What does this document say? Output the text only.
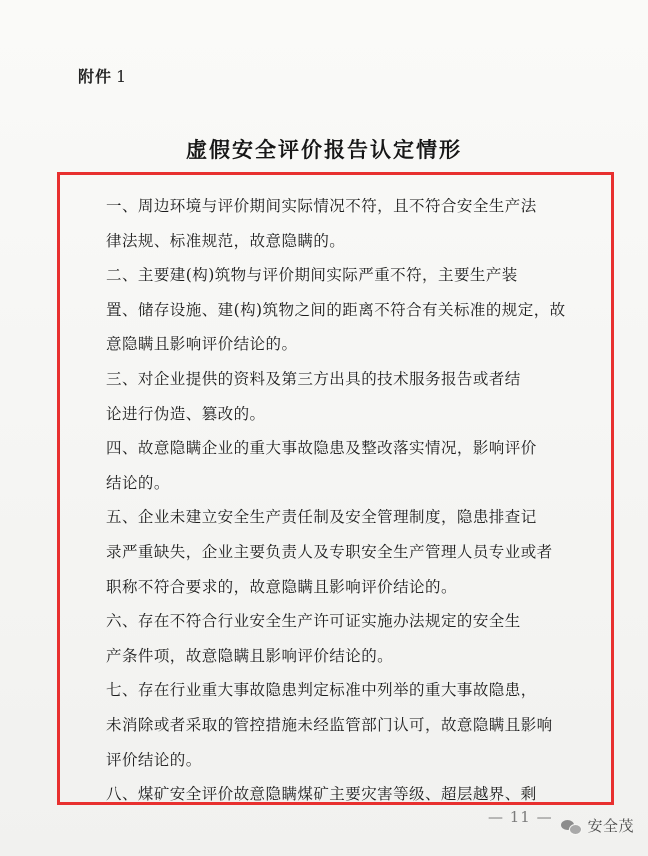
附件 1
虚假安全评价报告认定情形

一、周边环境与评价期间实际情况不符，且不符合安全生产法
律法规、标准规范，故意隐瞒的。

二、主要建(构)筑物与评价期间实际严重不符，主要生产装
置、储存设施、建(构)筑物之间的距离不符合有关标准的规定，故
意隐瞒且影响评价结论的。

三、对企业提供的资料及第三方出具的技术服务报告或者结
论进行伪造、篡改的。

四、故意隐瞒企业的重大事故隐患及整改落实情况，影响评价
结论的。

五、企业未建立安全生产责任制及安全管理制度，隐患排查记
录严重缺失，企业主要负责人及专职安全生产管理人员专业或者
职称不符合要求的，故意隐瞒且影响评价结论的。

六、存在不符合行业安全生产许可证实施办法规定的安全生
产条件项，故意隐瞒且影响评价结论的。

七、存在行业重大事故隐患判定标准中列举的重大事故隐患，
未消除或者采取的管控措施未经监管部门认可，故意隐瞒且影响
评价结论的。

八、煤矿安全评价故意隐瞒煤矿主要灾害等级、超层越界、剩

— 11 — 安全茂
